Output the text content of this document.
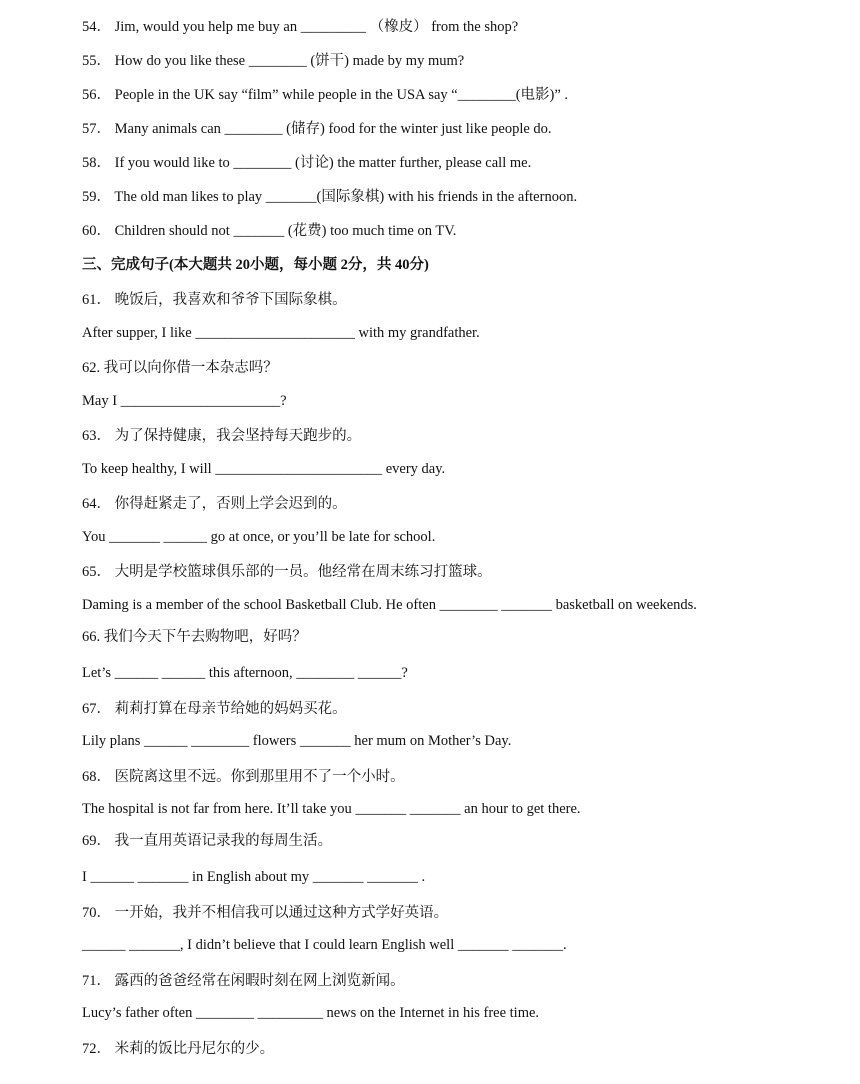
54． Jim, would you help me buy an _________ （橡皮） from the shop?
55． How do you like these ________ (饼干) made by my mum?
56． People in the UK say “film” while people in the USA say “________(电影)” .
57． Many animals can ________ (储存) food for the winter just like people do.
58． If you would like to ________ (讨论) the matter further, please call me.
59． The old man likes to play _______(国际象棋) with his friends in the afternoon.
60． Children should not _______ (花费) too much time on TV.
三、完成句子(本大题共 20小题，每小题 2分，共 40分)
61． 晚饭后，我喜欢和爷爷下国际象棋。
After supper, I like ______________________ with my grandfather.
62. 我可以向你借一本杂志吗？
May I ______________________?
63． 为了保持健康，我会坚持每天跑步的。
To keep healthy, I will _______________________ every day.
64． 你得赶紧走了，否则上学会迟到的。
You _______ ______ go at once, or you’ll be late for school.
65． 大明是学校篮球俱乐部的一员。他经常在周末练习打篮球。
Daming is a member of the school Basketball Club. He often ________ _______ basketball on weekends.
66. 我们今天下午去购物吧，好吗？
Let’s ______ ______ this afternoon, ________ ______?
67． 莉莉打算在母亲节给她的妈妈买花。
Lily plans ______ ________ flowers _______ her mum on Mother’s Day.
68． 医院离这里不远。你到那里用不了一个小时。
The hospital is not far from here. It’ll take you _______ _______ an hour to get there.
69． 我一直用英语记录我的每周生活。
I ______ _______ in English about my _______ _______ .
70． 一开始，我并不相信我可以通过这种方式学好英语。
______ _______, I didn’t believe that I could learn English well _______ _______.
71． 露西的爸爸经常在闲暇时刻在网上浏览新闻。
Lucy’s father often ________ _________ news on the Internet in his free time.
72． 米莉的饭比丹尼尔的少。
